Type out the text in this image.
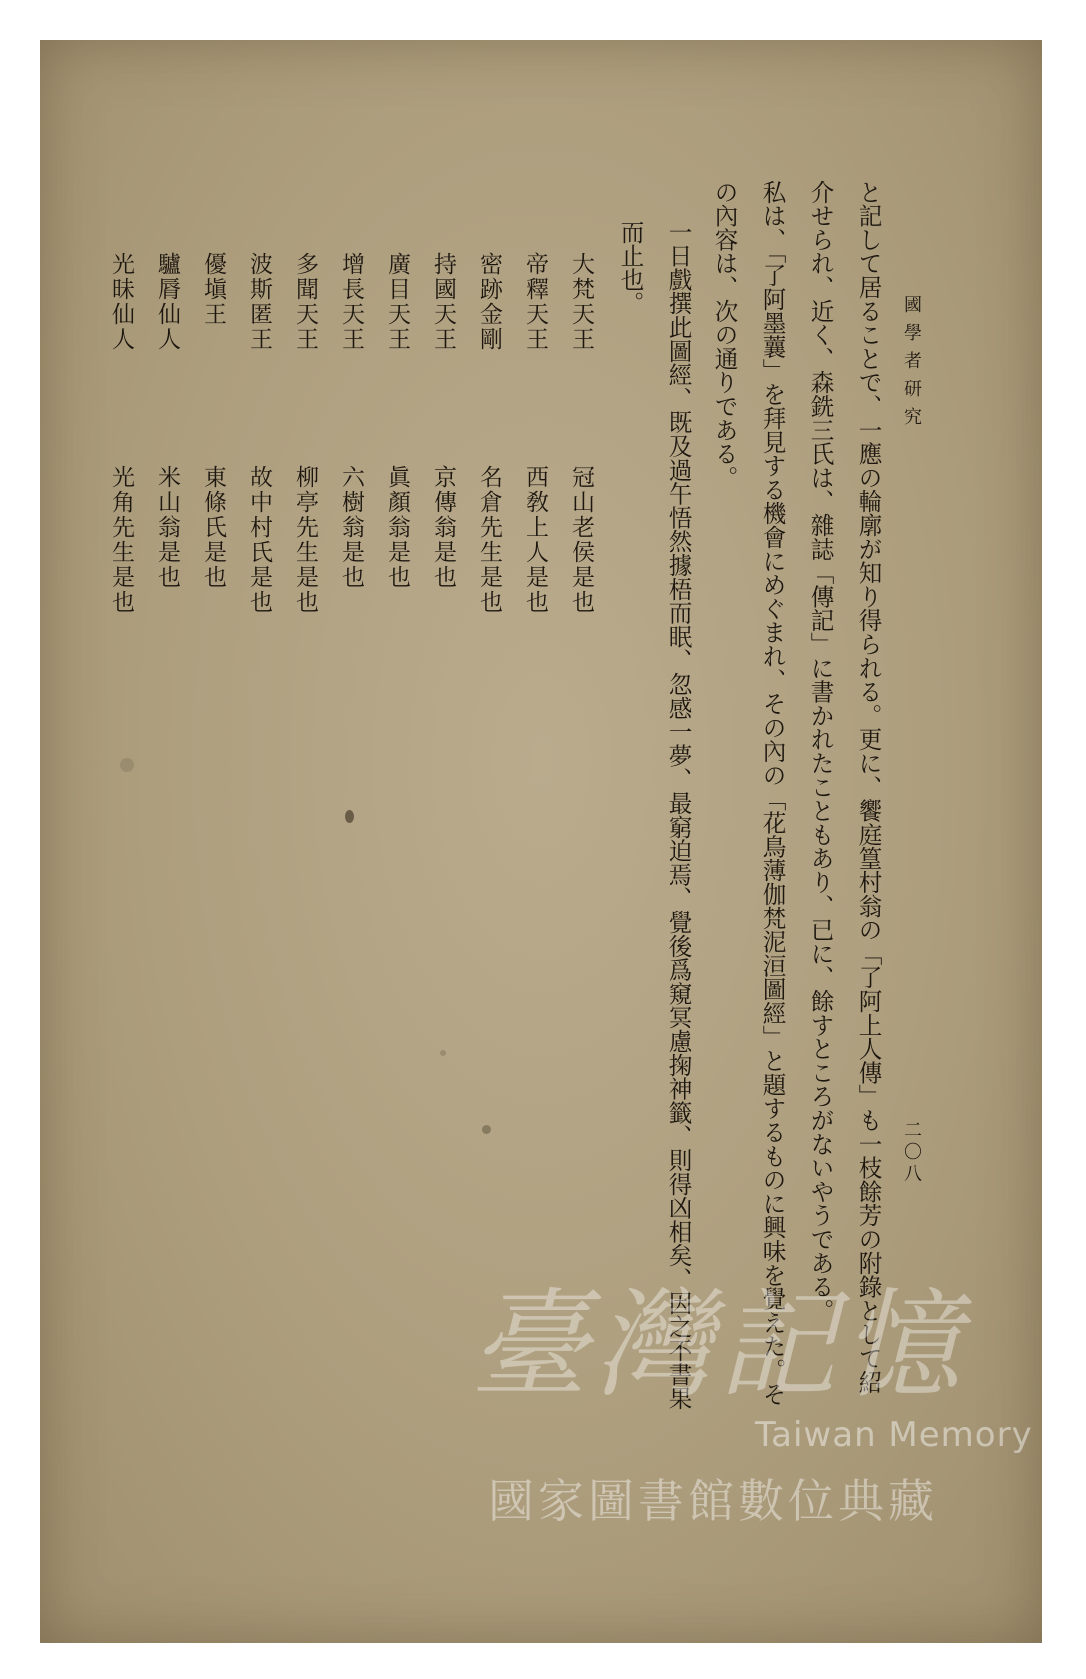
國學者研究
二〇八
と記して居ることで、一應の輪廓が知り得られる。更に、饗庭篁村翁の「了阿上人傳」も一枝餘芳の附錄として紹
介せられ、近く、森銑三氏は、雜誌「傳記」に書かれたこともあり、已に、餘すところがないやうである。
私は、「了阿墨蘘」を拜見する機會にめぐまれ、その內の「花鳥薄伽梵泥洹圖經」と題するものに興味を覺えた。そ
の內容は、次の通りである。
一日戲撰此圖經、既及過午悟然據梧而眠、忽感一夢、最窮迫焉、覺後爲窺冥慮掬神籤、則得凶相矣、因之不書果
而止也。
大梵天王
帝釋天王
密跡金剛
持國天王
廣目天王
增長天王
多聞天王
波斯匿王
優塡王
驢脣仙人
光昧仙人
冠山老侯是也
西敎上人是也
名倉先生是也
京傳翁是也
眞顏翁是也
六樹翁是也
柳亭先生是也
故中村氏是也
東條氏是也
米山翁是也
光角先生是也
臺灣記憶
Taiwan Memory
國家圖書館數位典藏
